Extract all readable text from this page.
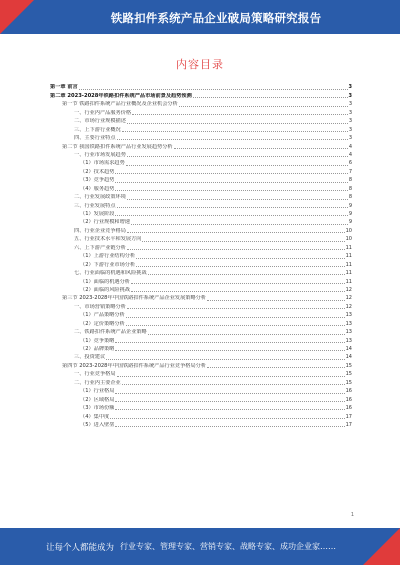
铁路扣件系统产品企业破局策略研究报告
内容目录
第一章 前言	3
第二章 2023-2028年铁路扣件系统产品市场前景及趋势预测	3
第一节 铁路扣件系统产品行业概况及企业机会分析	3
一、行业内产品服务价格	3
二、市场行业规模描述	3
三、上下游行业概况	3
四、主要行业特点	3
第二节 我国铁路扣件系统产品行业发展趋势分析	4
一、行业市场发展趋势	4
（1）市场需求趋势	6
（2）技术趋势	7
（3）竞争趋势	8
（4）服务趋势	8
二、行业发展政策环境	8
三、行业发展特点	9
（1）发展阶段	9
（2）行业规模和增速	9
四、行业企业竞争格局	10
五、行业技术水平和发展方向	10
六、上下游产业链分析	11
（1）上游行业结构分析	11
（2）下游行业市场分析	11
七、行业面临的机遇和风险挑战	11
（1）面临的机遇分析	11
（2）面临的风险挑战	12
第三节 2023-2028年中国铁路扣件系统产品企业发展策略分析	12
一、市场营销策略分析	12
（1）产品策略分析	13
（2）定价策略分析	13
二、铁路扣件系统产品企业策略	13
（1）竞争策略	13
（2）品牌策略	14
三、投资建议	14
第四节 2023-2028年中国铁路扣件系统产品行业竞争格局分析	15
一、行业竞争格局	15
二、行业内主要企业	15
（1）行业格局	16
（2）区域格局	16
（3）市场份额	16
（4）集中度	17
（5）进入壁垒	17
1
让每个人都能成为 行业专家、管理专家、营销专家、战略专家、成功企业家……
